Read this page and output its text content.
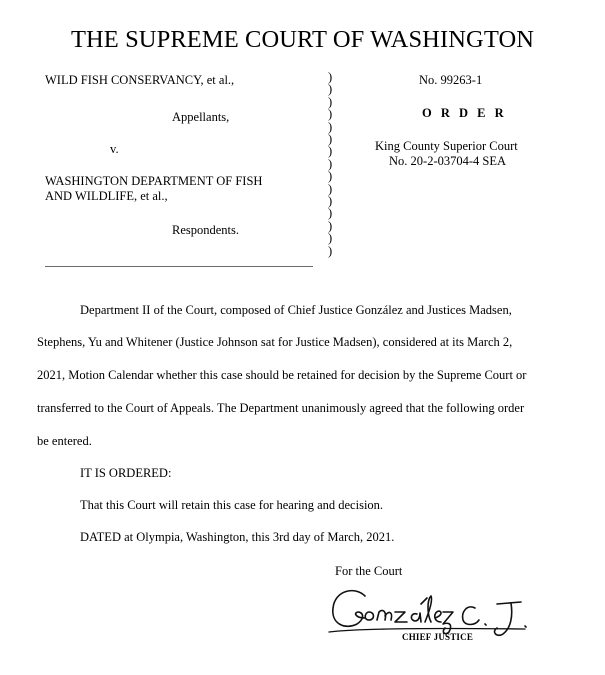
THE SUPREME COURT OF WASHINGTON
WILD FISH CONSERVANCY, et al.,
Appellants,
v.
WASHINGTON DEPARTMENT OF FISH
AND WILDLIFE, et al.,
Respondents.
)
)
)
)
)
)
)
)
)
)
)
)
)
)
)
No. 99263-1
O R D E R
King County Superior Court
No. 20-2-03704-4 SEA
Department II of the Court, composed of Chief Justice González and Justices Madsen,
Stephens, Yu and Whitener (Justice Johnson sat for Justice Madsen), considered at its March 2,
2021, Motion Calendar whether this case should be retained for decision by the Supreme Court or
transferred to the Court of Appeals. The Department unanimously agreed that the following order
be entered.
IT IS ORDERED:
That this Court will retain this case for hearing and decision.
DATED at Olympia, Washington, this 3rd day of March, 2021.
For the Court
CHIEF JUSTICE
